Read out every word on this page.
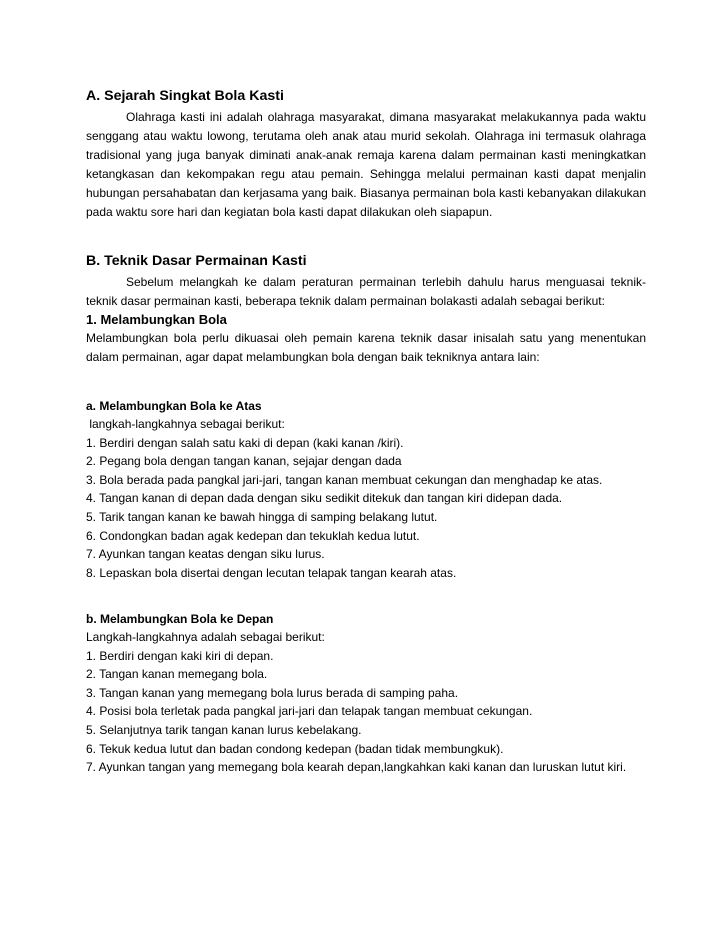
A. Sejarah Singkat Bola Kasti
Olahraga kasti ini adalah olahraga masyarakat, dimana masyarakat melakukannya pada waktu senggang atau waktu lowong, terutama oleh anak atau murid sekolah. Olahraga ini termasuk olahraga tradisional yang juga banyak diminati anak-anak remaja karena dalam permainan kasti meningkatkan ketangkasan dan kekompakan regu atau pemain. Sehingga melalui permainan kasti dapat menjalin hubungan persahabatan dan kerjasama yang baik. Biasanya permainan bola kasti kebanyakan dilakukan pada waktu sore hari dan kegiatan bola kasti dapat dilakukan oleh siapapun.
B. Teknik Dasar Permainan Kasti
Sebelum melangkah ke dalam peraturan permainan terlebih dahulu harus menguasai teknik-teknik dasar permainan kasti, beberapa teknik dalam permainan bolakasti adalah sebagai berikut:
1. Melambungkan Bola
Melambungkan bola perlu dikuasai oleh pemain karena teknik dasar inisalah satu yang menentukan dalam permainan, agar dapat melambungkan bola dengan baik tekniknya antara lain:
a. Melambungkan Bola ke Atas
langkah-langkahnya sebagai berikut:
1. Berdiri dengan salah satu kaki di depan (kaki kanan /kiri).
2. Pegang bola dengan tangan kanan, sejajar dengan dada
3. Bola berada pada pangkal jari-jari, tangan kanan membuat cekungan dan menghadap ke atas.
4. Tangan kanan di depan dada dengan siku sedikit ditekuk dan tangan kiri didepan dada.
5. Tarik tangan kanan ke bawah hingga di samping belakang lutut.
6. Condongkan badan agak kedepan dan tekuklah kedua lutut.
7. Ayunkan tangan keatas dengan siku lurus.
8. Lepaskan bola disertai dengan lecutan telapak tangan kearah atas.
b. Melambungkan Bola ke Depan
Langkah-langkahnya adalah sebagai berikut:
1. Berdiri dengan kaki kiri di depan.
2. Tangan kanan memegang bola.
3. Tangan kanan yang memegang bola lurus berada di samping paha.
4. Posisi bola terletak pada pangkal jari-jari dan telapak tangan membuat cekungan.
5. Selanjutnya tarik tangan kanan lurus kebelakang.
6. Tekuk kedua lutut dan badan condong kedepan (badan tidak membungkuk).
7. Ayunkan tangan yang memegang bola kearah depan,langkahkan kaki kanan dan luruskan lutut kiri.
